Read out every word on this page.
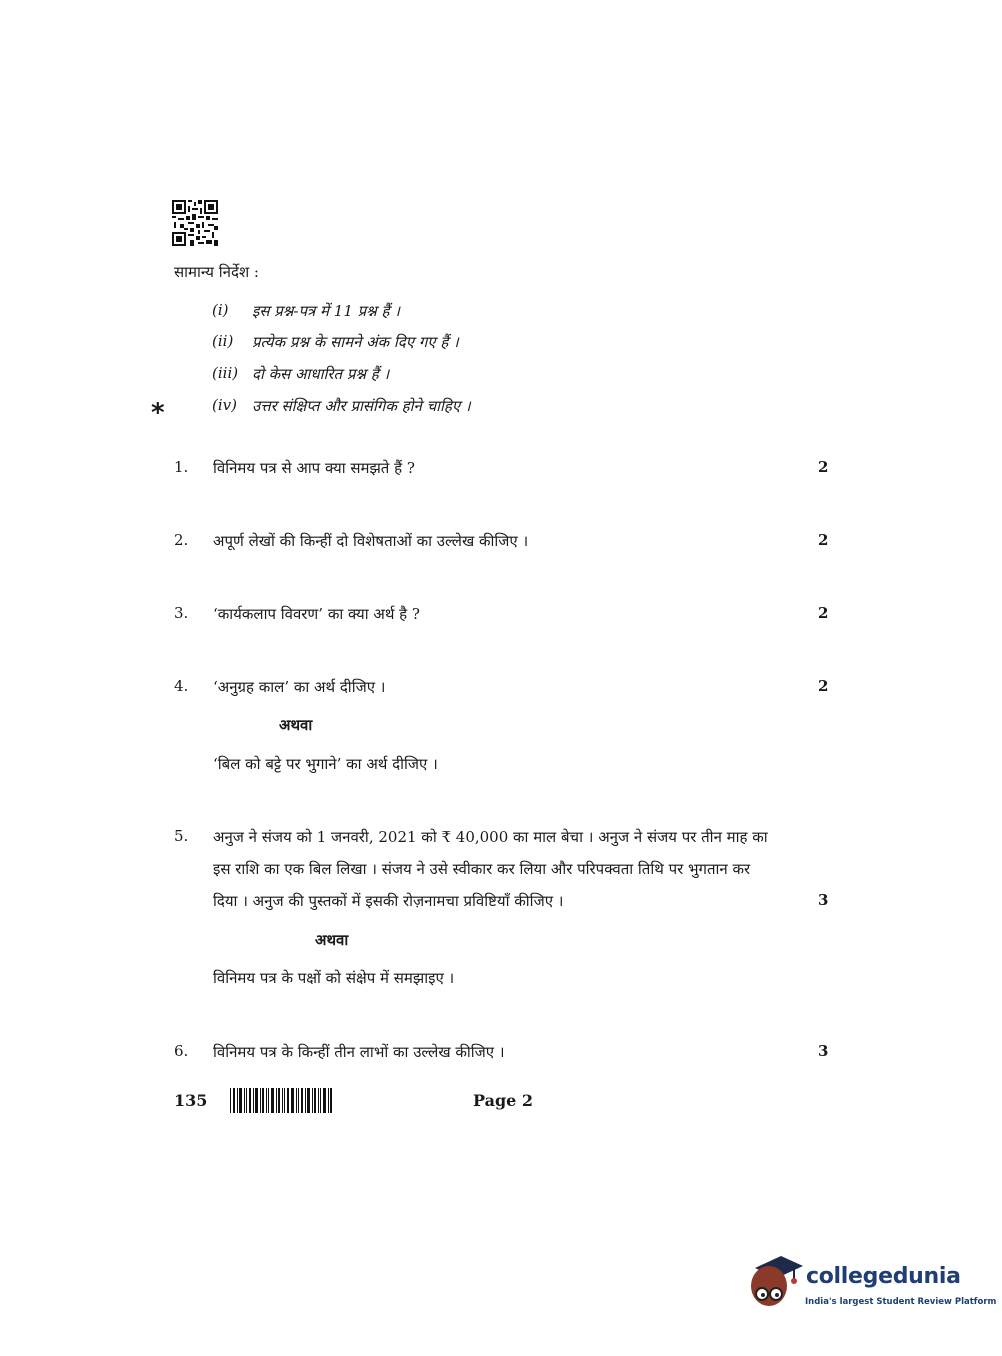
सामान्य निर्देश :
(i) इस प्रश्न-पत्र में 11 प्रश्न हैं ।
(ii) प्रत्येक प्रश्न के सामने अंक दिए गए हैं ।
(iii) दो केस आधारित प्रश्न हैं ।
(iv) उत्तर संक्षिप्त और प्रासंगिक होने चाहिए ।
*
1. विनिमय पत्र से आप क्या समझते हैं ?	2
2. अपूर्ण लेखों की किन्हीं दो विशेषताओं का उल्लेख कीजिए ।	2
3. ‘कार्यकलाप विवरण’ का क्या अर्थ है ?	2
4. ‘अनुग्रह काल’ का अर्थ दीजिए ।	2
अथवा
‘बिल को बट्टे पर भुगाने’ का अर्थ दीजिए ।
5. अनुज ने संजय को 1 जनवरी, 2021 को ₹ 40,000 का माल बेचा । अनुज ने संजय पर तीन माह का
इस राशि का एक बिल लिखा । संजय ने उसे स्वीकार कर लिया और परिपक्वता तिथि पर भुगतान कर
दिया । अनुज की पुस्तकों में इसकी रोज़नामचा प्रविष्टियाँ कीजिए ।	3
अथवा
विनिमय पत्र के पक्षों को संक्षेप में समझाइए ।
6. विनिमय पत्र के किन्हीं तीन लाभों का उल्लेख कीजिए ।	3
135	Page 2
collegedunia
India's largest Student Review Platform
